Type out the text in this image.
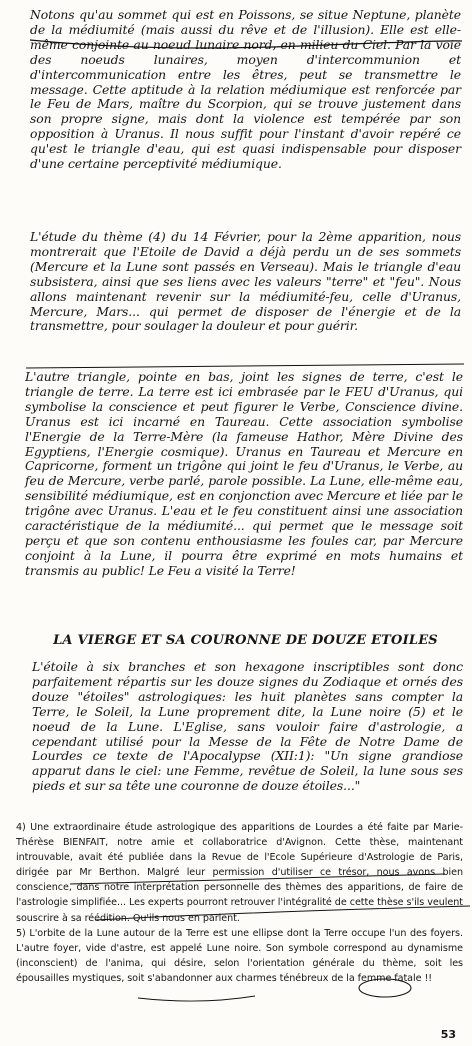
Notons qu'au sommet qui est en Poissons, se situe Neptune, planète de la médiumité (mais aussi du rêve et de l'illusion). Elle est elle-même conjointe au noeud lunaire nord, en milieu du Ciel. Par la voie des noeuds lunaires, moyen d'intercommunion et d'intercommunication entre les êtres, peut se transmettre le message. Cette aptitude à la relation médiumique est renforcée par le Feu de Mars, maître du Scorpion, qui se trouve justement dans son propre signe, mais dont la violence est tempérée par son opposition à Uranus. Il nous suffit pour l'instant d'avoir repéré ce qu'est le triangle d'eau, qui est quasi indispensable pour disposer d'une certaine perceptivité médiumique.

L'étude du thème (4) du 14 Février, pour la 2ème apparition, nous montrerait que l'Etoile de David a déjà perdu un de ses sommets (Mercure et la Lune sont passés en Verseau). Mais le triangle d'eau subsistera, ainsi que ses liens avec les valeurs "terre" et "feu". Nous allons maintenant revenir sur la médiumité-feu, celle d'Uranus, Mercure, Mars... qui permet de disposer de l'énergie et de la transmettre, pour soulager la douleur et pour guérir.

L'autre triangle, pointe en bas, joint les signes de terre, c'est le triangle de terre. La terre est ici embrasée par le FEU d'Uranus, qui symbolise la conscience et peut figurer le Verbe, Conscience divine. Uranus est ici incarné en Taureau. Cette association symbolise l'Energie de la Terre-Mère (la fameuse Hathor, Mère Divine des Egyptiens, l'Energie cosmique). Uranus en Taureau et Mercure en Capricorne, forment un trigône qui joint le feu d'Uranus, le Verbe, au feu de Mercure, verbe parlé, parole possible. La Lune, elle-même eau, sensibilité médiumique, est en conjonction avec Mercure et liée par le trigône avec Uranus. L'eau et le feu constituent ainsi une association caractéristique de la médiumité... qui permet que le message soit perçu et que son contenu enthousiasme les foules car, par Mercure conjoint à la Lune, il pourra être exprimé en mots humains et transmis au public! Le Feu a visité la Terre!

LA VIERGE ET SA COURONNE DE DOUZE ETOILES

L'étoile à six branches et son hexagone inscriptibles sont donc parfaitement répartis sur les douze signes du Zodiaque et ornés des douze "étoiles" astrologiques: les huit planètes sans compter la Terre, le Soleil, la Lune proprement dite, la Lune noire (5) et le noeud de la Lune. L'Eglise, sans vouloir faire d'astrologie, a cependant utilisé pour la Messe de la Fête de Notre Dame de Lourdes ce texte de l'Apocalypse (XII:1): "Un signe grandiose apparut dans le ciel: une Femme, revêtue de Soleil, la lune sous ses pieds et sur sa tête une couronne de douze étoiles..."

4) Une extraordinaire étude astrologique des apparitions de Lourdes a été faite par Marie-Thérèse BIENFAIT, notre amie et collaboratrice d'Avignon. Cette thèse, maintenant introuvable, avait été publiée dans la Revue de l'Ecole Supérieure d'Astrologie de Paris, dirigée par Mr Berthon. Malgré leur permission d'utiliser ce trésor, nous avons bien conscience, dans notre interprétation personnelle des thèmes des apparitions, de faire de l'astrologie simplifiée... Les experts pourront retrouver l'intégralité de cette thèse s'ils veulent souscrire à sa réédition. Qu'ils nous en parlent.

5) L'orbite de la Lune autour de la Terre est une ellipse dont la Terre occupe l'un des foyers. L'autre foyer, vide d'astre, est appelé Lune noire. Son symbole correspond au dynamisme (inconscient) de l'anima, qui désire, selon l'orientation générale du thème, soit les épousailles mystiques, soit s'abandonner aux charmes ténébreux de la femme fatale !!

53
